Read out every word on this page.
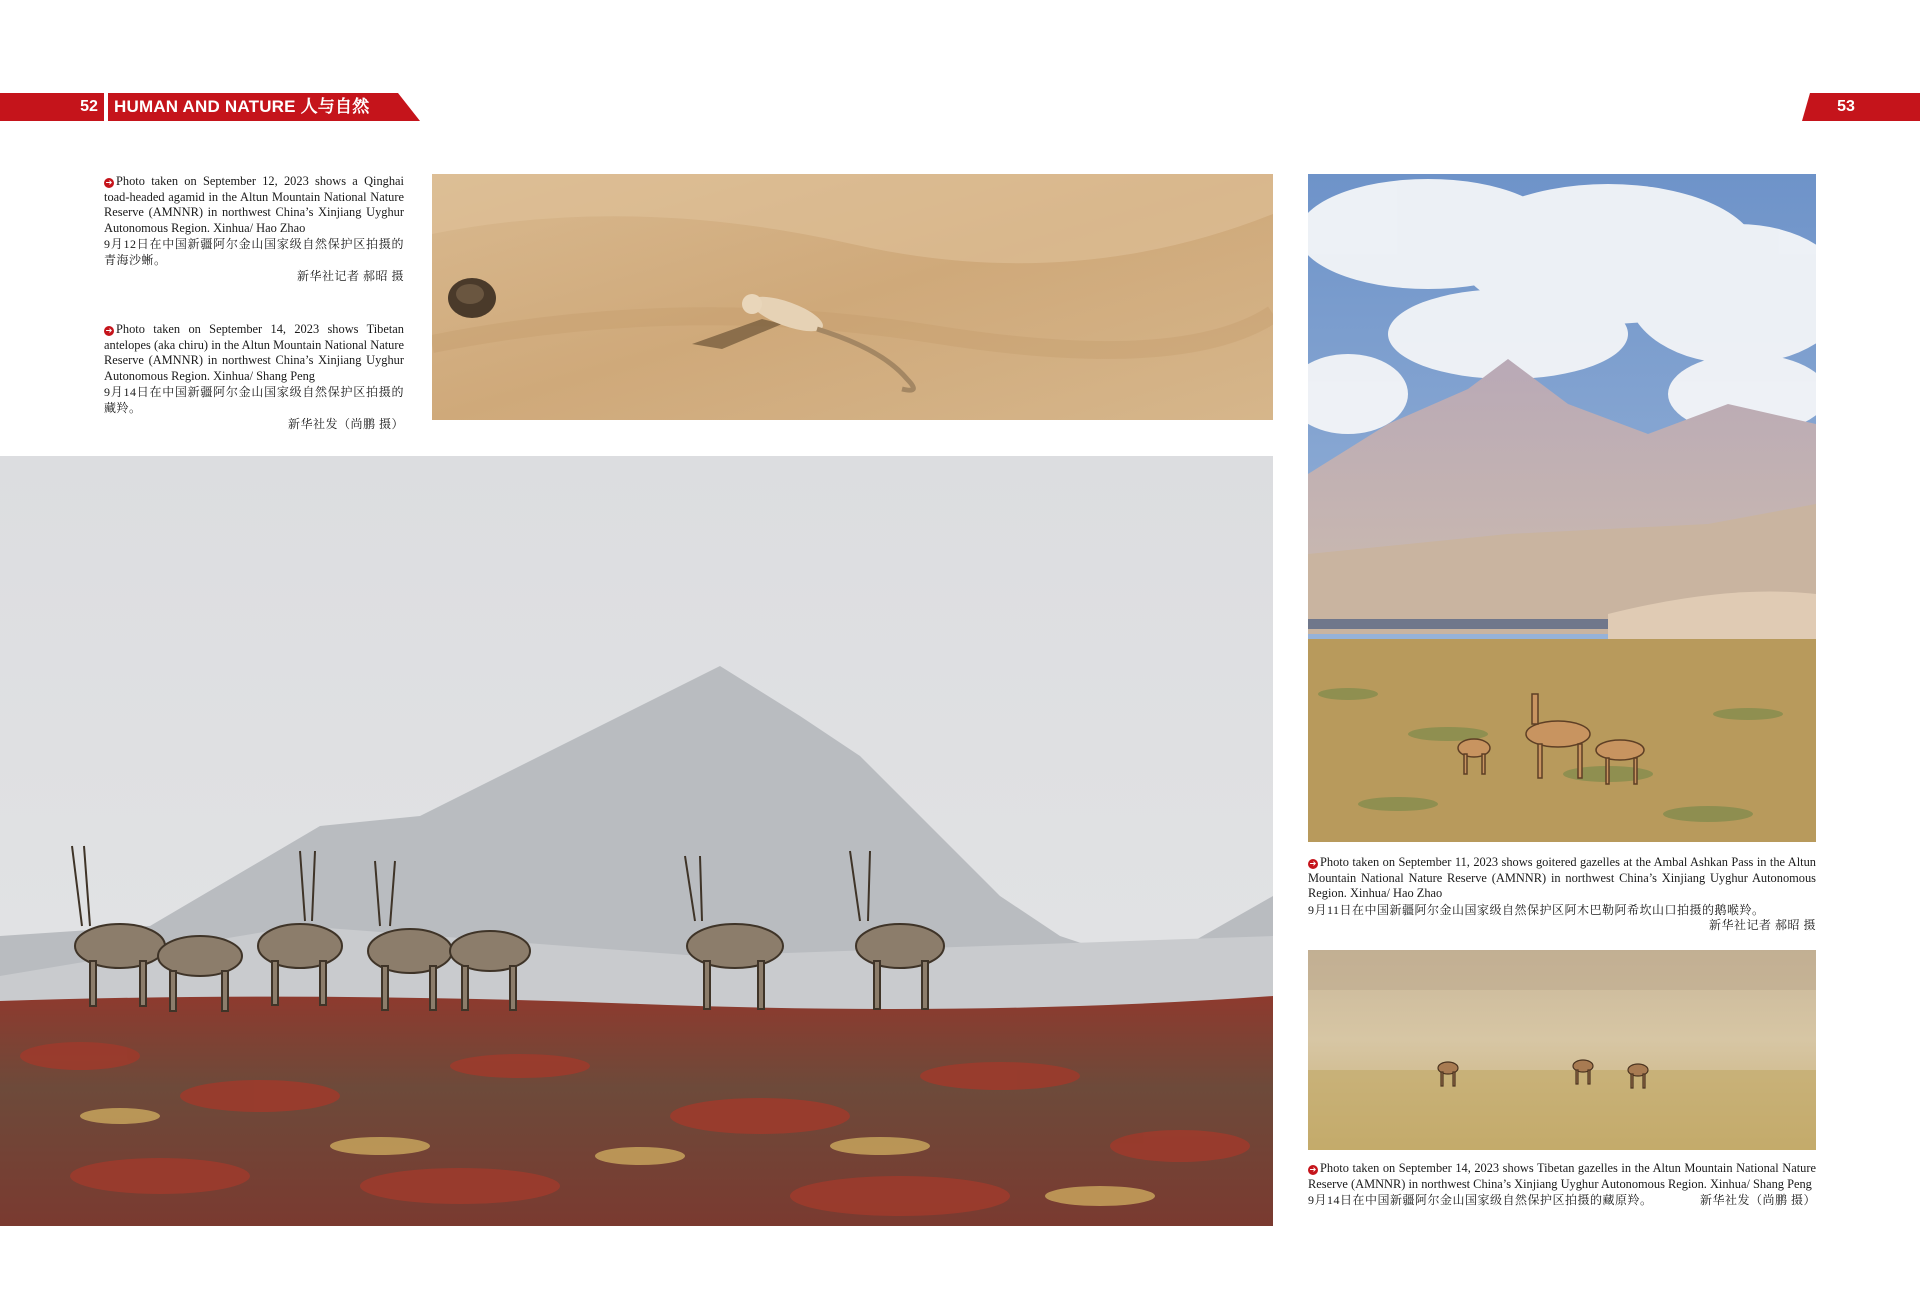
52 HUMAN AND NATURE 人与自然	53
➔ Photo taken on September 12, 2023 shows a Qinghai toad-headed agamid in the Altun Mountain National Nature Reserve (AMNNR) in northwest China’s Xinjiang Uyghur Autonomous Region. Xinhua/ Hao Zhao
9月12日在中国新疆阿尔金山国家级自然保护区拍摄的青海沙蜥。
新华社记者 郝昭 摄
➔ Photo taken on September 14, 2023 shows Tibetan antelopes (aka chiru) in the Altun Mountain National Nature Reserve (AMNNR) in northwest China’s Xinjiang Uyghur Autonomous Region. Xinhua/ Shang Peng
9月14日在中国新疆阿尔金山国家级自然保护区拍摄的藏羚。
新华社发（尚鹏 摄）
➔ Photo taken on September 11, 2023 shows goitered gazelles at the Ambal Ashkan Pass in the Altun Mountain National Nature Reserve (AMNNR) in northwest China’s Xinjiang Uyghur Autonomous Region. Xinhua/ Hao Zhao
9月11日在中国新疆阿尔金山国家级自然保护区阿木巴勒阿希坎山口拍摄的鹅喉羚。
新华社记者 郝昭 摄
➔ Photo taken on September 14, 2023 shows Tibetan gazelles in the Altun Mountain National Nature Reserve (AMNNR) in northwest China’s Xinjiang Uyghur Autonomous Region. Xinhua/ Shang Peng
9月14日在中国新疆阿尔金山国家级自然保护区拍摄的藏原羚。	新华社发（尚鹏 摄）
